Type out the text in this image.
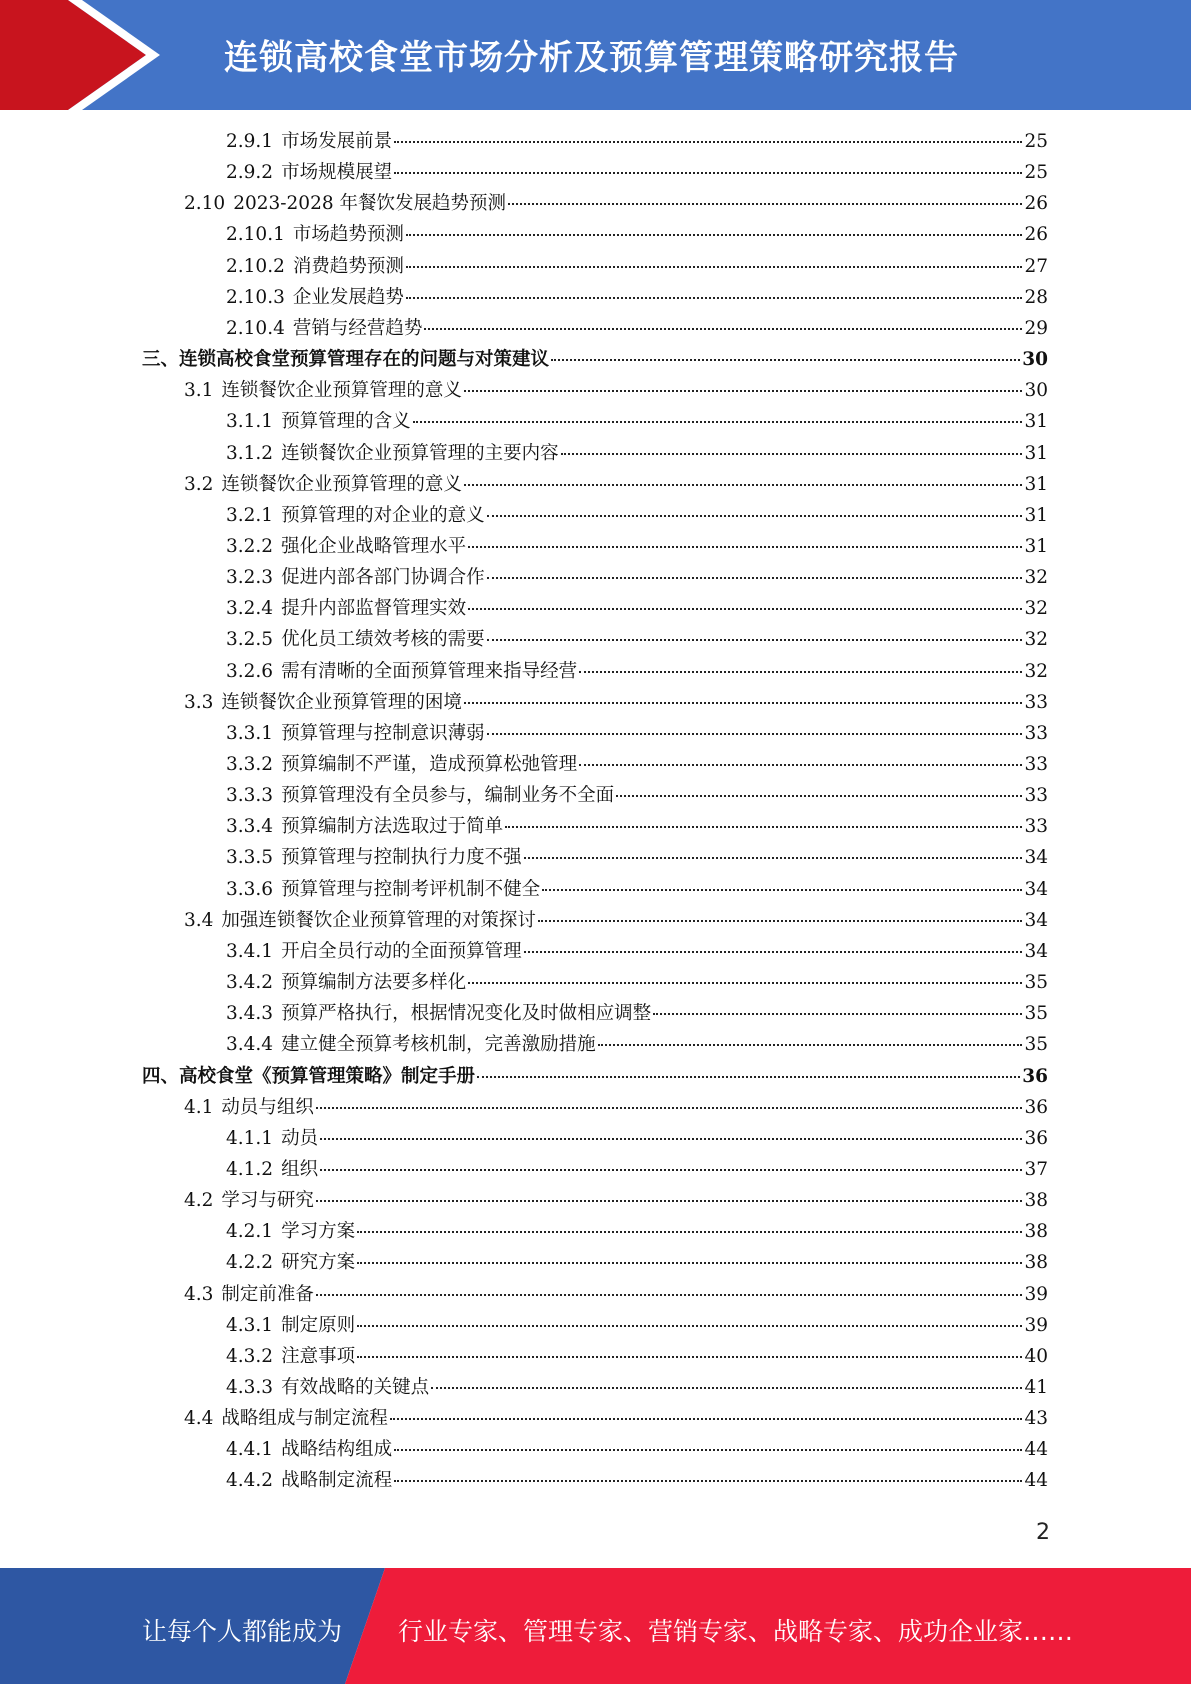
连锁高校食堂市场分析及预算管理策略研究报告
2.9.1 市场发展前景	25
2.9.2 市场规模展望	25
2.10 2023-2028 年餐饮发展趋势预测	26
2.10.1 市场趋势预测	26
2.10.2 消费趋势预测	27
2.10.3 企业发展趋势	28
2.10.4 营销与经营趋势	29
三、 连锁高校食堂预算管理存在的问题与对策建议	30
3.1 连锁餐饮企业预算管理的意义	30
3.1.1 预算管理的含义	31
3.1.2 连锁餐饮企业预算管理的主要内容	31
3.2 连锁餐饮企业预算管理的意义	31
3.2.1 预算管理的对企业的意义	31
3.2.2 强化企业战略管理水平	31
3.2.3 促进内部各部门协调合作	32
3.2.4 提升内部监督管理实效	32
3.2.5 优化员工绩效考核的需要	32
3.2.6 需有清晰的全面预算管理来指导经营	32
3.3 连锁餐饮企业预算管理的困境	33
3.3.1 预算管理与控制意识薄弱	33
3.3.2 预算编制不严谨，造成预算松弛管理	33
3.3.3 预算管理没有全员参与，编制业务不全面	33
3.3.4 预算编制方法选取过于简单	33
3.3.5 预算管理与控制执行力度不强	34
3.3.6 预算管理与控制考评机制不健全	34
3.4 加强连锁餐饮企业预算管理的对策探讨	34
3.4.1 开启全员行动的全面预算管理	34
3.4.2 预算编制方法要多样化	35
3.4.3 预算严格执行，根据情况变化及时做相应调整	35
3.4.4 建立健全预算考核机制，完善激励措施	35
四、 高校食堂《预算管理策略》制定手册	36
4.1 动员与组织	36
4.1.1 动员	36
4.1.2 组织	37
4.2 学习与研究	38
4.2.1 学习方案	38
4.2.2 研究方案	38
4.3 制定前准备	39
4.3.1 制定原则	39
4.3.2 注意事项	40
4.3.3 有效战略的关键点	41
4.4 战略组成与制定流程	43
4.4.1 战略结构组成	44
4.4.2 战略制定流程	44
2
让每个人都能成为 行业专家、管理专家、营销专家、战略专家、成功企业家……
